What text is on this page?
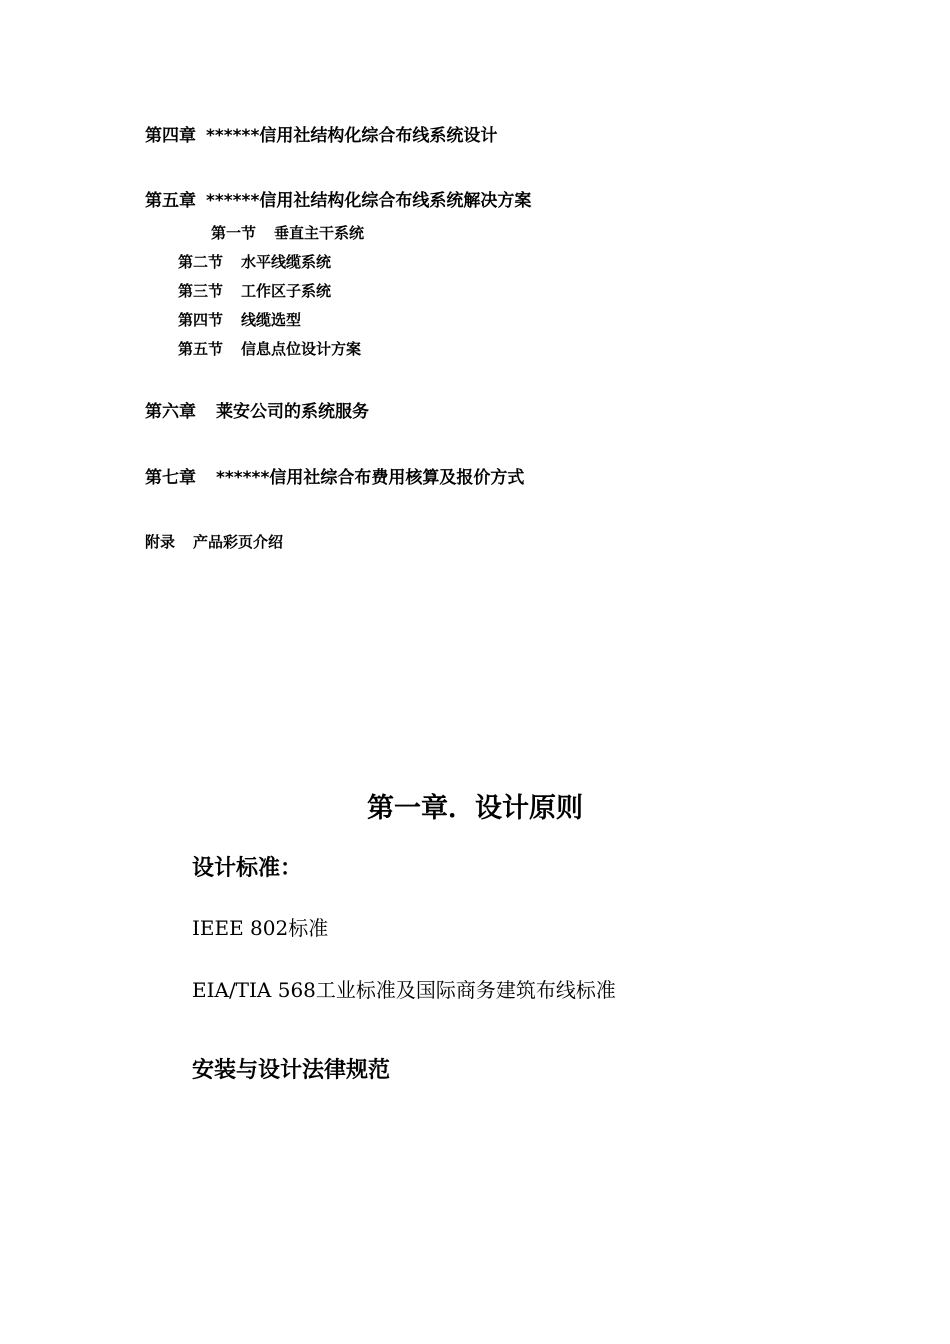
第四章 ******信用社结构化综合布线系统设计
第五章 ******信用社结构化综合布线系统解决方案
第一节 垂直主干系统
第二节 水平线缆系统
第三节 工作区子系统
第四节 线缆选型
第五节 信息点位设计方案
第六章 莱安公司的系统服务
第七章 ******信用社综合布费用核算及报价方式
附录 产品彩页介绍
第一章．设计原则
设计标准：
IEEE 802标准
EIA/TIA 568工业标准及国际商务建筑布线标准
安装与设计法律规范
